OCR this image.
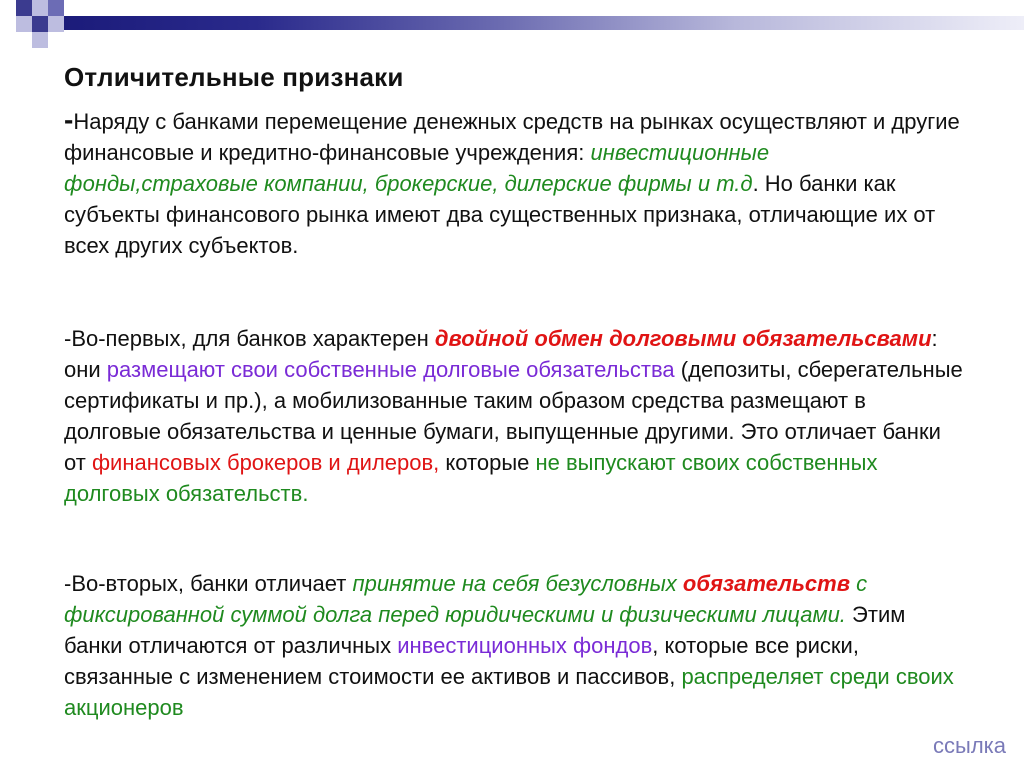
Отличительные признаки
-Наряду с банками перемещение денежных средств на рынках осуществляют и другие финансовые и кредитно-финансовые учреждения: инвестиционные фонды,страховые компании, брокерские, дилерские фирмы и т.д. Но банки как субъекты финансового рынка имеют два существенных признака, отличающие их от всех других субъектов.
-Во-первых, для банков характерен двойной обмен долговыми обязательсвами: они размещают свои собственные долговые обязательства (депозиты, сберегательные сертификаты и пр.), а мобилизованные таким образом средства размещают в долговые обязательства и ценные бумаги, выпущенные другими. Это отличает банки от финансовых брокеров и дилеров, которые не выпускают своих собственных долговых обязательств.
-Во-вторых, банки отличает принятие на себя безусловных обязательств с фиксированной суммой долга перед юридическими и физическими лицами. Этим банки отличаются от различных инвестиционных фондов, которые все риски, связанные с изменением стоимости ее активов и пассивов, распределяет среди своих акционеров
ссылка
